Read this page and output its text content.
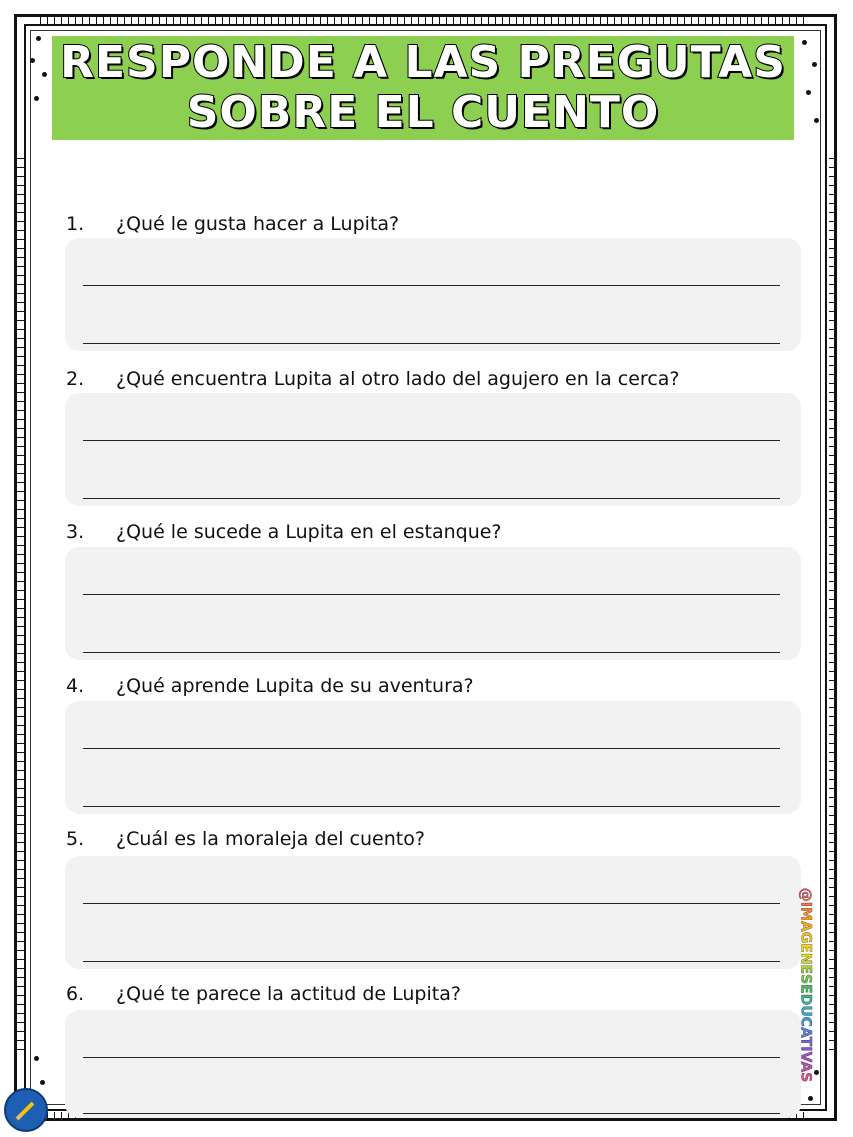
RESPONDE A LAS PREGUTAS
SOBRE EL CUENTO
1. ¿Qué le gusta hacer a Lupita?
2. ¿Qué encuentra Lupita al otro lado del agujero en la cerca?
3. ¿Qué le sucede a Lupita en el estanque?
4. ¿Qué aprende Lupita de su aventura?
5. ¿Cuál es la moraleja del cuento?
6. ¿Qué te parece la actitud de Lupita?	@IMAGENESEDUCATIVAS
